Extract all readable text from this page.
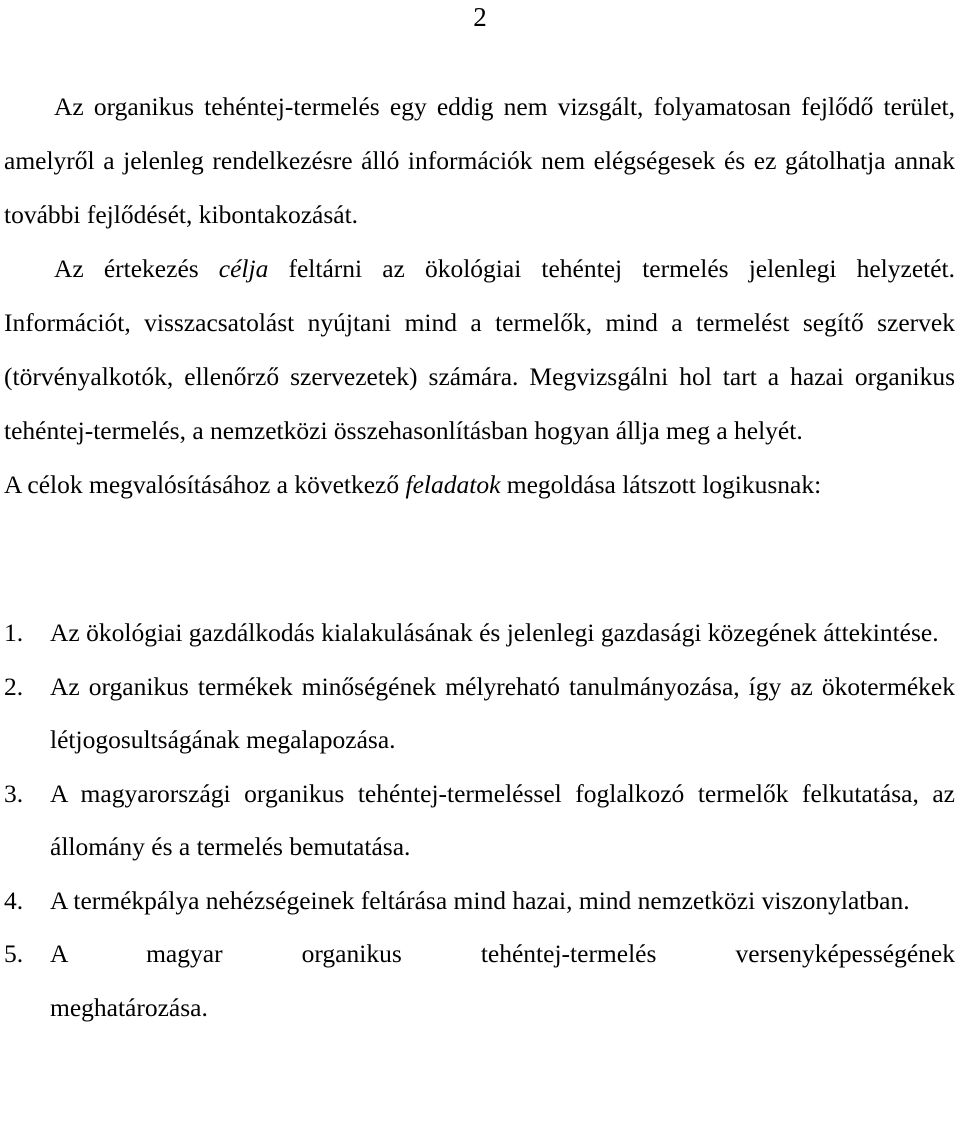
2

Az organikus tehéntej-termelés egy eddig nem vizsgált, folyamatosan fejlődő terület, amelyről a jelenleg rendelkezésre álló információk nem elégségesek és ez gátolhatja annak további fejlődését, kibontakozását.

Az értekezés célja feltárni az ökológiai tehéntej termelés jelenlegi helyzetét. Információt, visszacsatolást nyújtani mind a termelők, mind a termelést segítő szervek (törvényalkotók, ellenőrző szervezetek) számára. Megvizsgálni hol tart a hazai organikus tehéntej-termelés, a nemzetközi összehasonlításban hogyan állja meg a helyét.

A célok megvalósításához a következő feladatok megoldása látszott logikusnak:

1.	Az ökológiai gazdálkodás kialakulásának és jelenlegi gazdasági közegének áttekintése.
2.	Az organikus termékek minőségének mélyreható tanulmányozása, így az ökotermékek létjogosultságának megalapozása.
3.	A magyarországi organikus tehéntej-termeléssel foglalkozó termelők felkutatása, az állomány és a termelés bemutatása.
4.	A termékpálya nehézségeinek feltárása mind hazai, mind nemzetközi viszonylatban.
5.	A magyar organikus tehéntej-termelés versenyképességének
meghatározása.
